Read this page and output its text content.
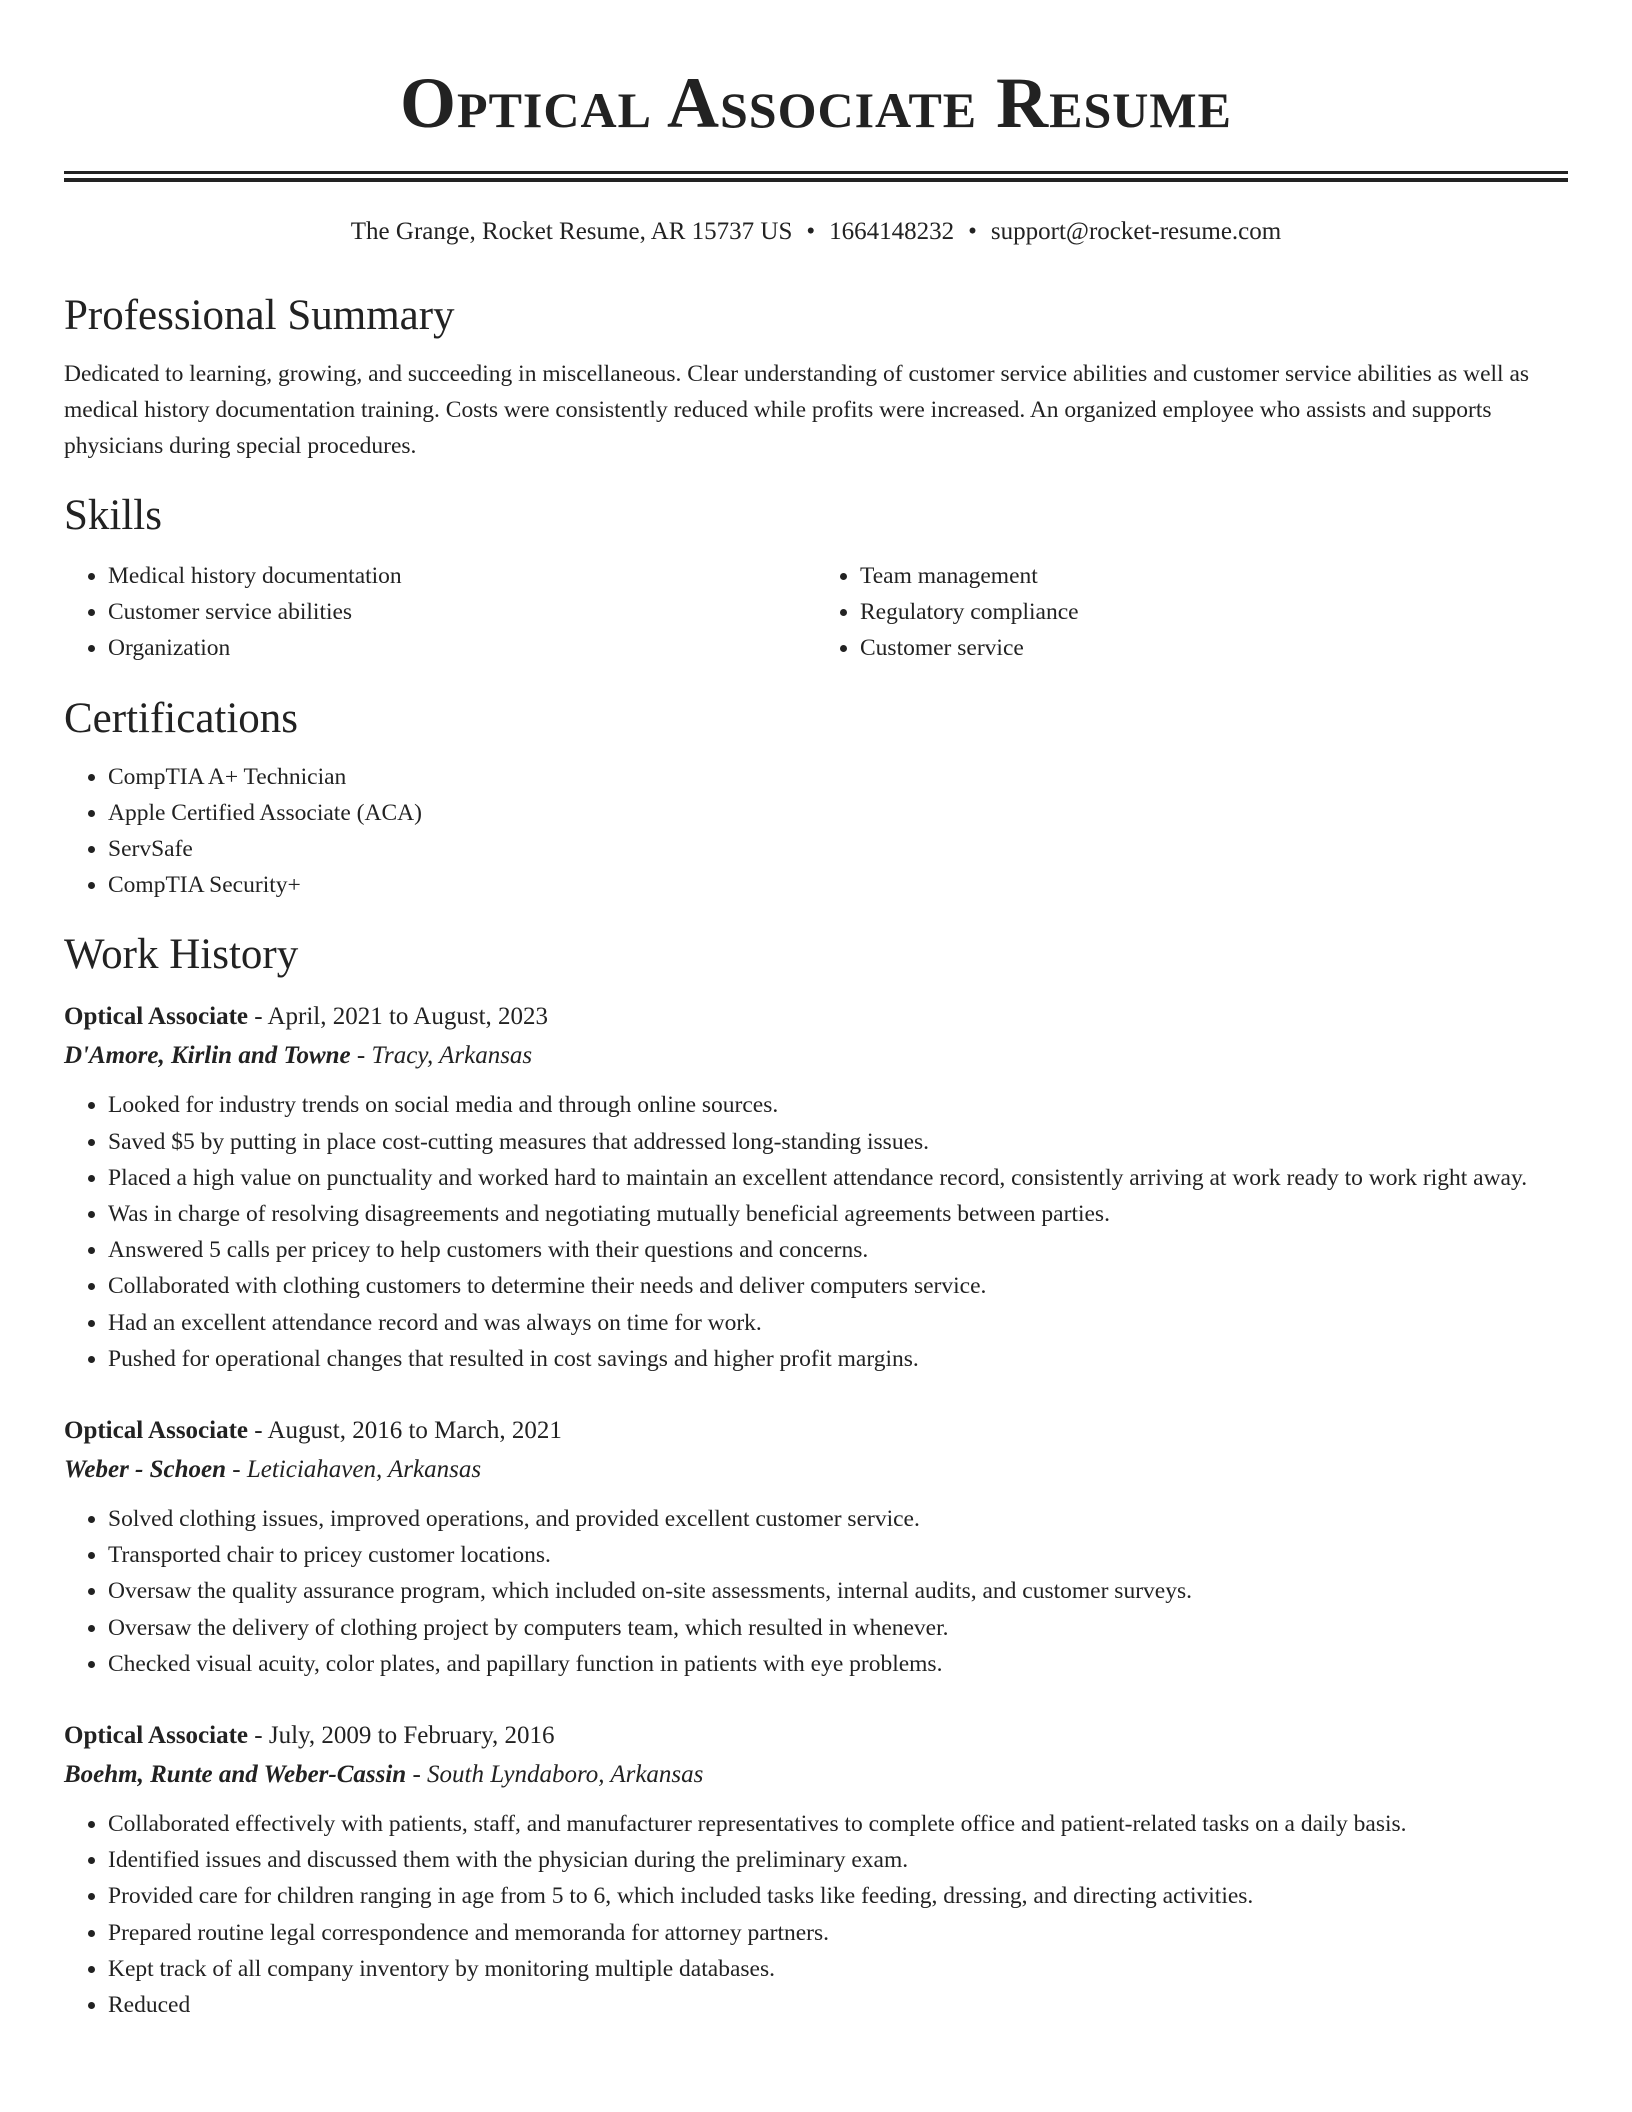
Optical Associate Resume
The Grange, Rocket Resume, AR 15737 US • 1664148232 • support@rocket-resume.com
Professional Summary

Dedicated to learning, growing, and succeeding in miscellaneous. Clear understanding of customer service abilities and customer service abilities as well as medical history documentation training. Costs were consistently reduced while profits were increased. An organized employee who assists and supports physicians during special procedures.

Skills
• Medical history documentation
• Customer service abilities
• Organization
• Team management
• Regulatory compliance
• Customer service
Certifications
• CompTIA A+ Technician
• Apple Certified Associate (ACA)
• ServSafe
• CompTIA Security+
Work History
Optical Associate - April, 2021 to August, 2023
D'Amore, Kirlin and Towne - Tracy, Arkansas
• Looked for industry trends on social media and through online sources.
• Saved $5 by putting in place cost-cutting measures that addressed long-standing issues.
• Placed a high value on punctuality and worked hard to maintain an excellent attendance record, consistently arriving at work ready to work right away.
• Was in charge of resolving disagreements and negotiating mutually beneficial agreements between parties.
• Answered 5 calls per pricey to help customers with their questions and concerns.
• Collaborated with clothing customers to determine their needs and deliver computers service.
• Had an excellent attendance record and was always on time for work.
• Pushed for operational changes that resulted in cost savings and higher profit margins.
Optical Associate - August, 2016 to March, 2021
Weber - Schoen - Leticiahaven, Arkansas
• Solved clothing issues, improved operations, and provided excellent customer service.
• Transported chair to pricey customer locations.
• Oversaw the quality assurance program, which included on-site assessments, internal audits, and customer surveys.
• Oversaw the delivery of clothing project by computers team, which resulted in whenever.
• Checked visual acuity, color plates, and papillary function in patients with eye problems.
Optical Associate - July, 2009 to February, 2016
Boehm, Runte and Weber-Cassin - South Lyndaboro, Arkansas
• Collaborated effectively with patients, staff, and manufacturer representatives to complete office and patient-related tasks on a daily basis.
• Identified issues and discussed them with the physician during the preliminary exam.
• Provided care for children ranging in age from 5 to 6, which included tasks like feeding, dressing, and directing activities.
• Prepared routine legal correspondence and memoranda for attorney partners.
• Kept track of all company inventory by monitoring multiple databases.
• Reduced
